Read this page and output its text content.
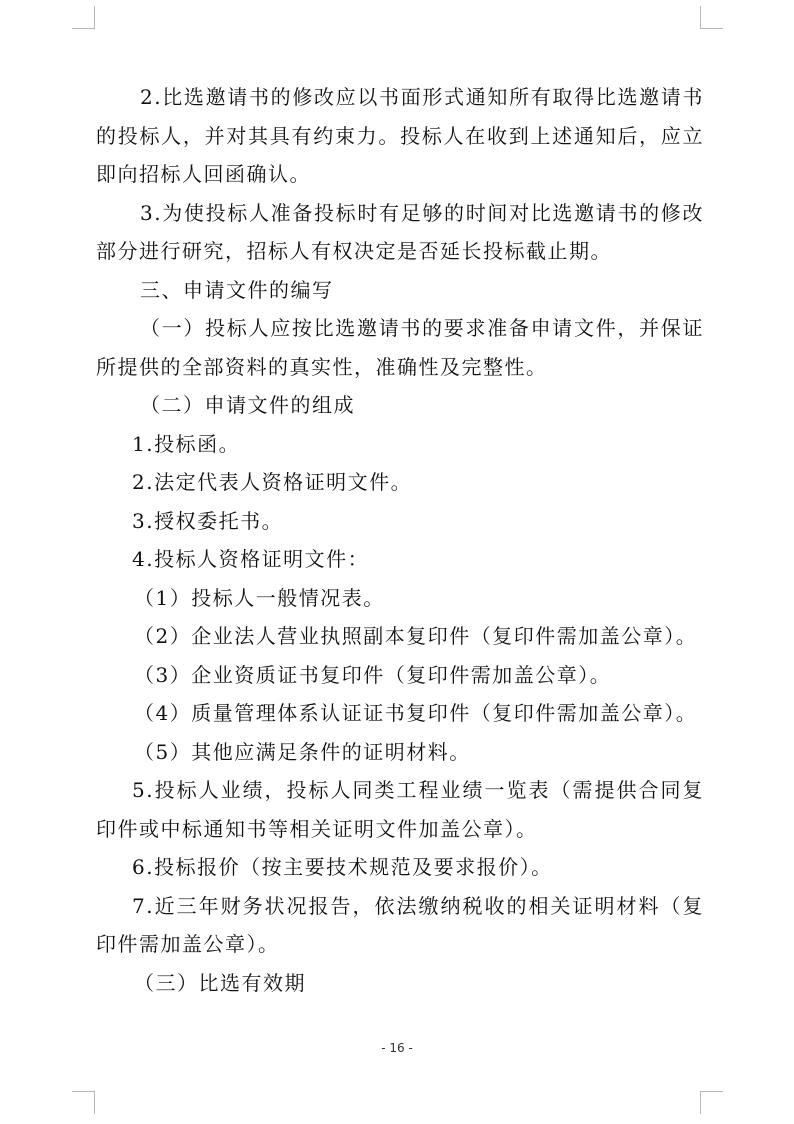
2.比选邀请书的修改应以书面形式通知所有取得比选邀请书的投标人，并对其具有约束力。投标人在收到上述通知后，应立即向招标人回函确认。

3.为使投标人准备投标时有足够的时间对比选邀请书的修改部分进行研究，招标人有权决定是否延长投标截止期。

三、申请文件的编写

（一）投标人应按比选邀请书的要求准备申请文件，并保证所提供的全部资料的真实性，准确性及完整性。

（二）申请文件的组成

1.投标函。

2.法定代表人资格证明文件。

3.授权委托书。

4.投标人资格证明文件：

（1）投标人一般情况表。

（2）企业法人营业执照副本复印件（复印件需加盖公章）。

（3）企业资质证书复印件（复印件需加盖公章）。

（4）质量管理体系认证证书复印件（复印件需加盖公章）。

（5）其他应满足条件的证明材料。

5.投标人业绩，投标人同类工程业绩一览表（需提供合同复印件或中标通知书等相关证明文件加盖公章）。

6.投标报价（按主要技术规范及要求报价）。

7.近三年财务状况报告，依法缴纳税收的相关证明材料（复印件需加盖公章）。

（三）比选有效期

- 16 -
